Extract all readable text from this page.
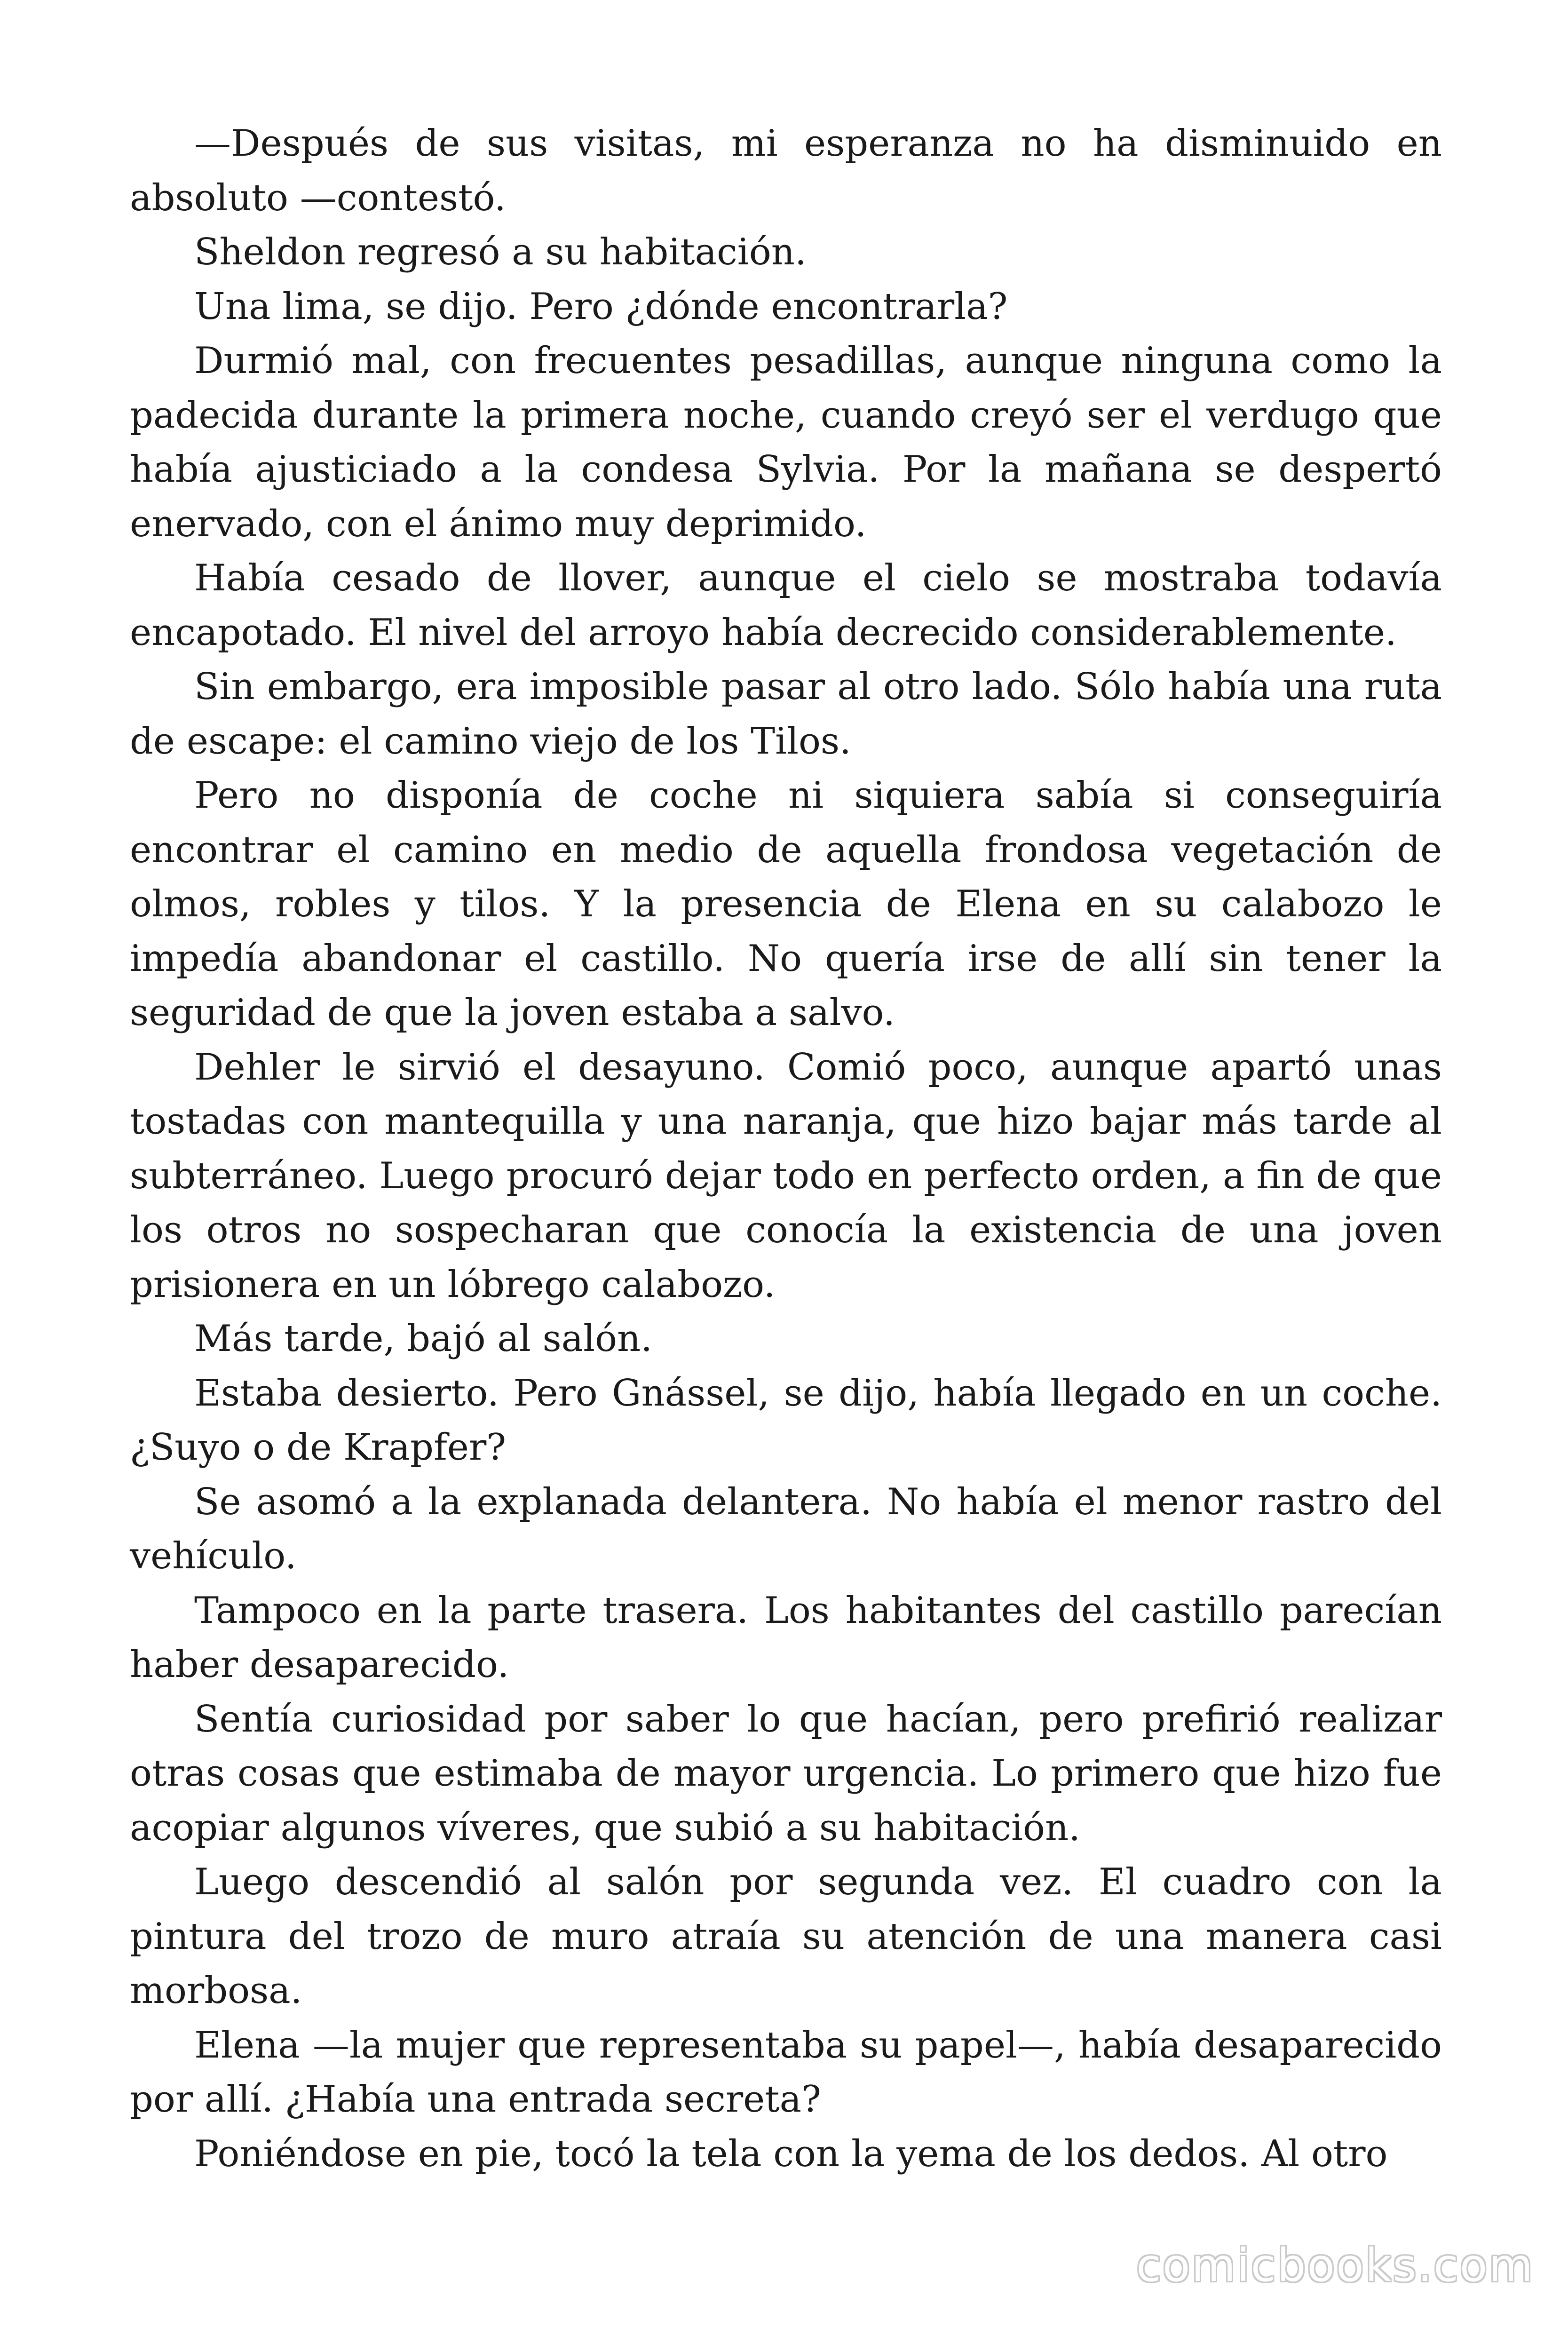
—Después de sus visitas, mi esperanza no ha disminuido en absoluto —contestó.

Sheldon regresó a su habitación.

Una lima, se dijo. Pero ¿dónde encontrarla?

Durmió mal, con frecuentes pesadillas, aunque ninguna como la padecida durante la primera noche, cuando creyó ser el verdugo que había ajusticiado a la condesa Sylvia. Por la mañana se despertó enervado, con el ánimo muy deprimido.

Había cesado de llover, aunque el cielo se mostraba todavía encapotado. El nivel del arroyo había decrecido considerablemente.

Sin embargo, era imposible pasar al otro lado. Sólo había una ruta de escape: el camino viejo de los Tilos.

Pero no disponía de coche ni siquiera sabía si conseguiría encontrar el camino en medio de aquella frondosa vegetación de olmos, robles y tilos. Y la presencia de Elena en su calabozo le impedía abandonar el castillo. No quería irse de allí sin tener la seguridad de que la joven estaba a salvo.

Dehler le sirvió el desayuno. Comió poco, aunque apartó unas tostadas con mantequilla y una naranja, que hizo bajar más tarde al subterráneo. Luego procuró dejar todo en perfecto orden, a fin de que los otros no sospecharan que conocía la existencia de una joven prisionera en un lóbrego calabozo.

Más tarde, bajó al salón.

Estaba desierto. Pero Gnássel, se dijo, había llegado en un coche. ¿Suyo o de Krapfer?

Se asomó a la explanada delantera. No había el menor rastro del vehículo.

Tampoco en la parte trasera. Los habitantes del castillo parecían haber desaparecido.

Sentía curiosidad por saber lo que hacían, pero prefirió realizar otras cosas que estimaba de mayor urgencia. Lo primero que hizo fue acopiar algunos víveres, que subió a su habitación.

Luego descendió al salón por segunda vez. El cuadro con la pintura del trozo de muro atraía su atención de una manera casi morbosa.

Elena —la mujer que representaba su papel—, había desaparecido por allí. ¿Había una entrada secreta?

Poniéndose en pie, tocó la tela con la yema de los dedos. Al otro

comicbooks.com
